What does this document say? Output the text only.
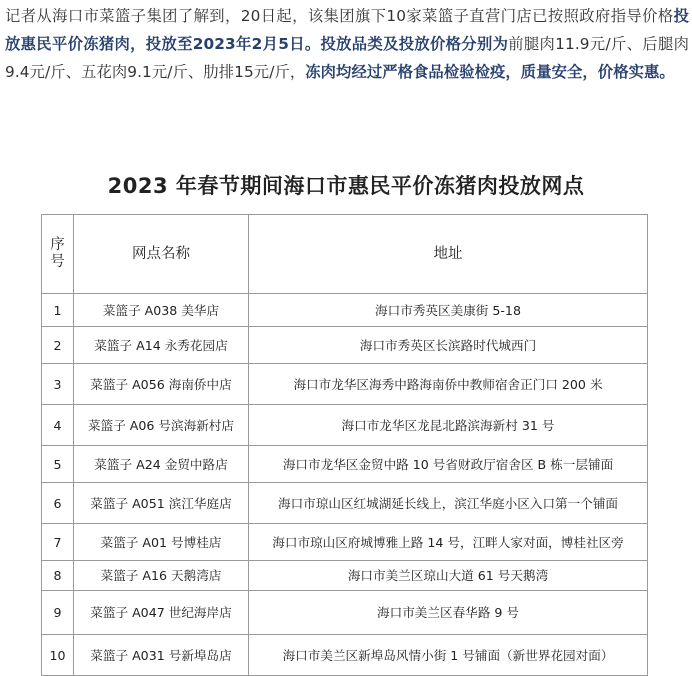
记者从海口市菜篮子集团了解到，20日起，该集团旗下10家菜篮子直营门店已按照政府指导价格投放惠民平价冻猪肉，投放至2023年2月5日。投放品类及投放价格分别为前腿肉11.9元/斤、后腿肉9.4元/斤、五花肉9.1元/斤、肋排15元/斤，冻肉均经过严格食品检验检疫，质量安全，价格实惠。

2023 年春节期间海口市惠民平价冻猪肉投放网点
序号	网点名称	地址
1	菜篮子 A038 美华店	海口市秀英区美康街 5-18
2	菜篮子 A14 永秀花园店	海口市秀英区长滨路时代城西门
3	菜篮子 A056 海南侨中店	海口市龙华区海秀中路海南侨中教师宿舍正门口 200 米
4	菜篮子 A06 号滨海新村店	海口市龙华区龙昆北路滨海新村 31 号
5	菜篮子 A24 金贸中路店	海口市龙华区金贸中路 10 号省财政厅宿舍区 B 栋一层铺面
6	菜篮子 A051 滨江华庭店	海口市琼山区红城湖延长线上，滨江华庭小区入口第一个铺面
7	菜篮子 A01 号博桂店	海口市琼山区府城博雅上路 14 号，江畔人家对面，博桂社区旁
8	菜篮子 A16 天鹅湾店	海口市美兰区琼山大道 61 号天鹅湾
9	菜篮子 A047 世纪海岸店	海口市美兰区春华路 9 号
10	菜篮子 A031 号新埠岛店	海口市美兰区新埠岛风情小街 1 号铺面（新世界花园对面）
